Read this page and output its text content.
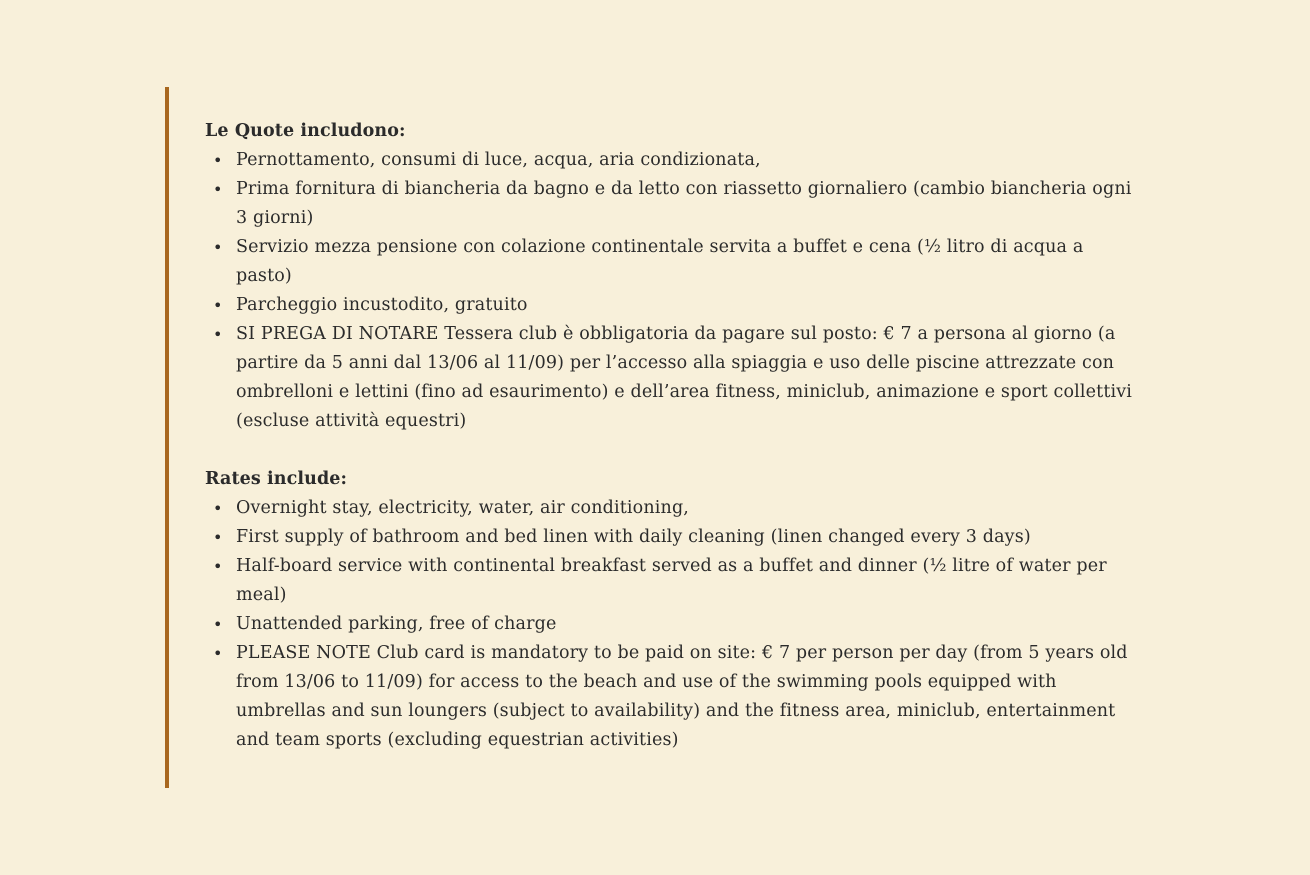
Le Quote includono:
• Pernottamento, consumi di luce, acqua, aria condizionata,
• Prima fornitura di biancheria da bagno e da letto con riassetto giornaliero (cambio biancheria ogni 3 giorni)
• Servizio mezza pensione con colazione continentale servita a buffet e cena (½ litro di acqua a pasto)
• Parcheggio incustodito, gratuito
• SI PREGA DI NOTARE Tessera club è obbligatoria da pagare sul posto: € 7 a persona al giorno (a partire da 5 anni dal 13/06 al 11/09) per l’accesso alla spiaggia e uso delle piscine attrezzate con ombrelloni e lettini (fino ad esaurimento) e dell’area fitness, miniclub, animazione e sport collettivi (escluse attività equestri)
Rates include:
• Overnight stay, electricity, water, air conditioning,
• First supply of bathroom and bed linen with daily cleaning (linen changed every 3 days)
• Half-board service with continental breakfast served as a buffet and dinner (½ litre of water per meal)
• Unattended parking, free of charge
• PLEASE NOTE Club card is mandatory to be paid on site: € 7 per person per day (from 5 years old from 13/06 to 11/09) for access to the beach and use of the swimming pools equipped with umbrellas and sun loungers (subject to availability) and the fitness area, miniclub, entertainment and team sports (excluding equestrian activities)
